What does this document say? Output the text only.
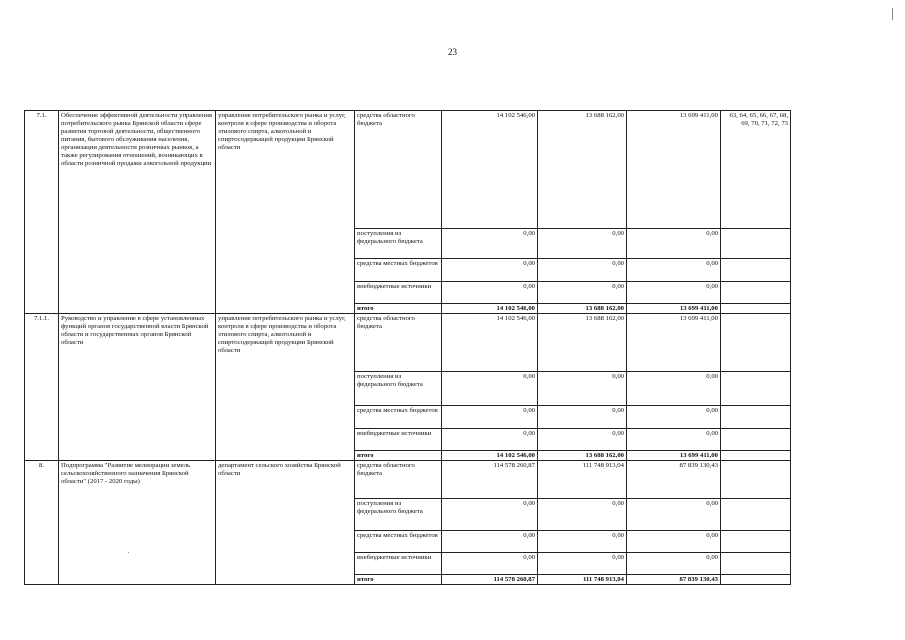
23
7.1.	Обеспечение эффективной деятельности управления потребительского рынка Брянской области сфере развития торговой деятельности, общественного питания, бытового обслуживания населения, организации деятельности розничных рынков, а также регулирования отношений, возникающих в области розничной продажи алкогольной продукции	управление потребительского рынка и услуг, контроля в сфере производства и оборота этилового спирта, алкогольной и спиртосодержащей продукции Брянской области	средства областного бюджета	14 102 546,00	13 688 162,00	13 699 411,00	63, 64, 65, 66, 67, 68, 69, 70, 71, 72, 73
			поступления из федерального бюджета	0,00	0,00	0,00	
			средства местных бюджетов	0,00	0,00	0,00	
			внебюджетные источники	0,00	0,00	0,00	
			итого	14 102 546,00	13 688 162,00	13 699 411,00	
7.1.1.	Руководство и управление в сфере установленных функций органов государственной власти Брянской области и государственных органов Брянской области	управление потребительского рынка и услуг, контроля в сфере производства и оборота этилового спирта, алкогольной и спиртосодержащей продукции Брянской области	средства областного бюджета	14 102 546,00	13 688 162,00	13 699 411,00	
			поступления из федерального бюджета	0,00	0,00	0,00	
			средства местных бюджетов	0,00	0,00	0,00	
			внебюджетные источники	0,00	0,00	0,00	
			итого	14 102 546,00	13 688 162,00	13 699 411,00	
8.	Подпрограмма "Развитие мелиорации земель сельскохозяйственного назначения Брянской области" (2017 - 2020 годы)	департамент сельского хозяйства Брянской области	средства областного бюджета	114 578 260,87	111 748 913,04	87 839 130,43	
			поступления из федерального бюджета	0,00	0,00	0,00	
			средства местных бюджетов	0,00	0,00	0,00	
			внебюджетные источники	0,00	0,00	0,00	
			итого	114 578 260,87	111 748 913,04	87 839 130,43	
